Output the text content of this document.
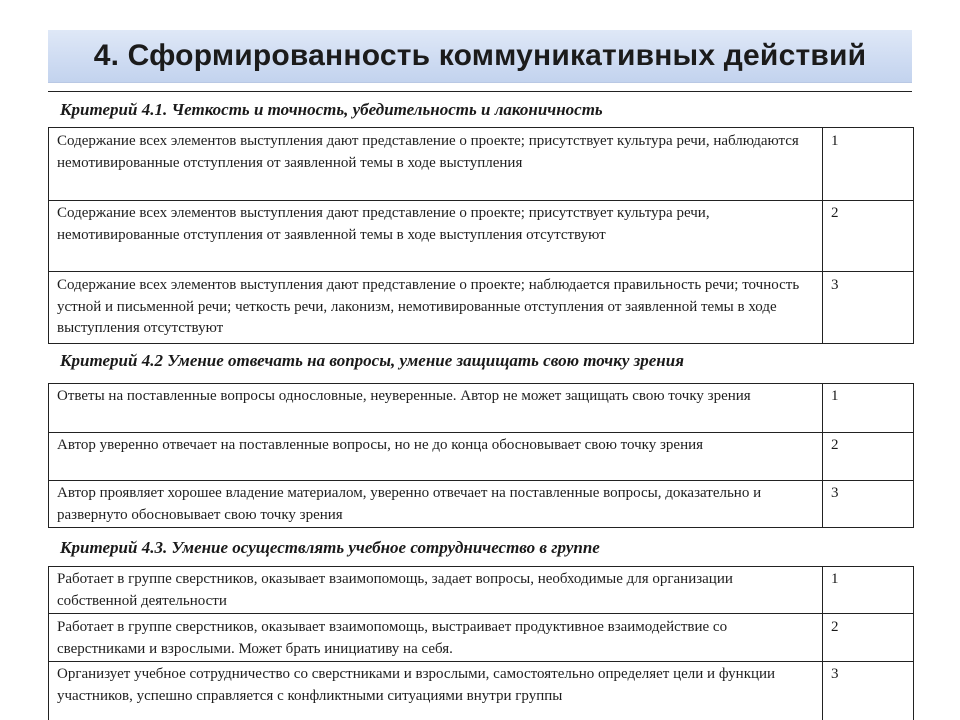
4. Сформированность коммуникативных действий
Критерий 4.1. Четкость и точность, убедительность и лаконичность
Содержание всех элементов выступления дают представление о проекте; присутствует культура речи, наблюдаются немотивированные отступления от заявленной темы в ходе выступления
1
Содержание всех элементов выступления дают представление о проекте; присутствует культура речи, немотивированные отступления от заявленной темы в ходе выступления отсутствуют
2
Содержание всех элементов выступления дают представление о проекте; наблюдается правильность речи; точность устной и письменной речи; четкость речи, лаконизм, немотивированные отступления от заявленной темы в ходе выступления отсутствуют
3
Критерий 4.2 Умение отвечать на вопросы, умение защищать свою точку зрения
Ответы на поставленные вопросы однословные, неуверенные. Автор не может защищать свою точку зрения	1
Автор уверенно отвечает на поставленные вопросы, но не до конца обосновывает свою точку зрения	2
Автор проявляет хорошее владение материалом, уверенно отвечает на поставленные вопросы, доказательно и развернуто обосновывает свою точку зрения
3
Критерий 4.3. Умение осуществлять учебное сотрудничество в группе
Работает в группе сверстников, оказывает взаимопомощь, задает вопросы, необходимые для организации собственной деятельности
1
Работает в группе сверстников, оказывает взаимопомощь, выстраивает продуктивное взаимодействие со сверстниками и взрослыми. Может брать инициативу на себя.
2
Организует учебное сотрудничество со сверстниками и взрослыми, самостоятельно определяет цели и функции участников, успешно справляется с конфликтными ситуациями внутри группы
3
